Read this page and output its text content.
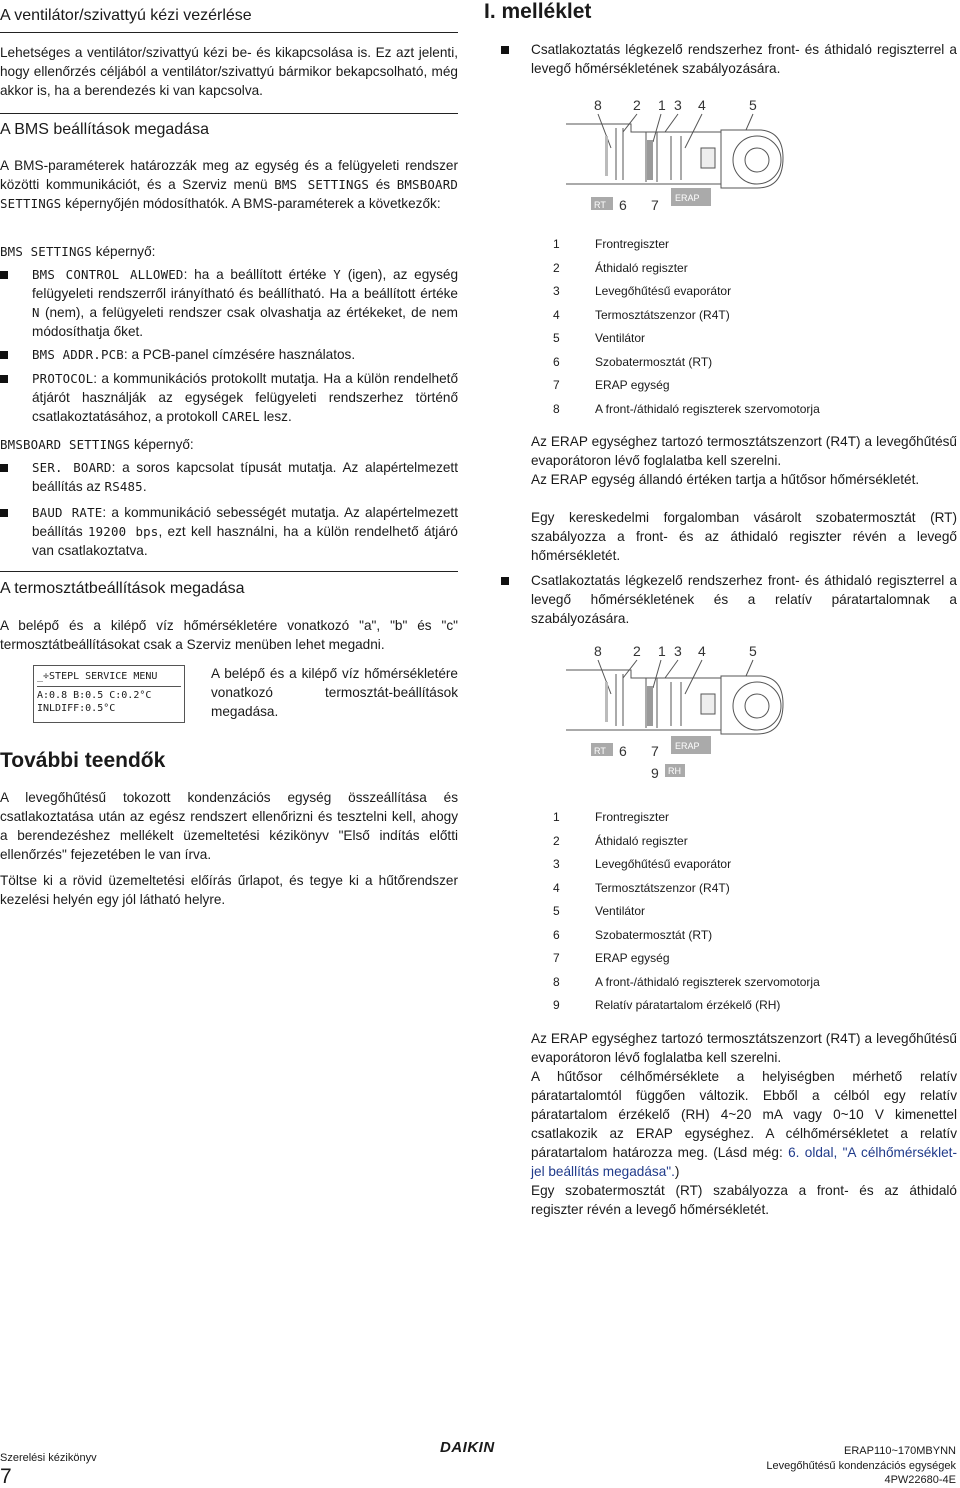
A ventilátor/szivattyú kézi vezérlése

Lehetséges a ventilátor/szivattyú kézi be- és kikapcsolása is. Ez azt jelenti, hogy ellenőrzés céljából a ventilátor/szivattyú bármikor bekapcsolható, még akkor is, ha a berendezés ki van kapcsolva.

A BMS beállítások megadása

A BMS-paraméterek határozzák meg az egység és a felügyeleti rendszer közötti kommunikációt, és a Szerviz menü BMS SETTINGS és BMSBOARD SETTINGS képernyőjén módosíthatók. A BMS-paraméterek a következők:

BMS SETTINGS képernyő:

BMS CONTROL ALLOWED: ha a beállított értéke Y (igen), az egység felügyeleti rendszerről irányítható és beállítható. Ha a beállított értéke N (nem), a felügyeleti rendszer csak olvashatja az értékeket, de nem módosíthatja őket.

BMS ADDR.PCB: a PCB-panel címzésére használatos.

PROTOCOL: a kommunikációs protokollt mutatja. Ha a külön rendelhető átjárót használják az egységek felügyeleti rendszerhez történő csatlakoztatásához, a protokoll CAREL lesz.

BMSBOARD SETTINGS képernyő:

SER. BOARD: a soros kapcsolat típusát mutatja. Az alapértelmezett beállítás az RS485.

BAUD RATE: a kommunikáció sebességét mutatja. Az alapértelmezett beállítás 19200 bps, ezt kell használni, ha a külön rendelhető átjáró van csatlakoztatva.

A termosztátbeállítások megadása

A belépő és a kilépő víz hőmérsékletére vonatkozó "a", "b" és "c" termosztátbeállításokat csak a Szerviz menüben lehet megadni.

_÷STEPL SERVICE MENU
A:0.8 B:0.5 C:0.2°C
INLDIFF:0.5°C

A belépő és a kilépő víz hőmérsékletére vonatkozó termosztát-beállítások megadása.

További teendők

A levegőhűtésű tokozott kondenzációs egység összeállítása és csatlakoztatása után az egész rendszert ellenőrizni és tesztelni kell, ahogy a berendezéshez mellékelt üzemeltetési kézikönyv "Első indítás előtti ellenőrzés" fejezetében le van írva.

Töltse ki a rövid üzemeltetési előírás űrlapot, és tegye ki a hűtőrendszer kezelési helyén egy jól látható helyre.

I. melléklet

Csatlakoztatás légkezelő rendszerhez front- és áthidaló regiszterrel a levegő hőmérsékletének szabályozására.

8 2 1 3 4	5
RT 6	ERAP
7
1	Frontregiszter
2	Áthidaló regiszter
3	Levegőhűtésű evaporátor
4	Termosztátszenzor (R4T)
5	Ventilátor
6	Szobatermosztát (RT)
7	ERAP egység
8	A front-/áthidaló regiszterek szervomotorja

Az ERAP egységhez tartozó termosztátszenzort (R4T) a levegőhűtésű evaporátoron lévő foglalatba kell szerelni.

Az ERAP egység állandó értéken tartja a hűtősor hőmérsékletét.

Egy kereskedelmi forgalomban vásárolt szobatermosztát (RT) szabályozza a front- és az áthidaló regiszter révén a levegő hőmérsékletét.

Csatlakoztatás légkezelő rendszerhez front- és áthidaló regiszterrel a levegő hőmérsékletének és a relatív páratartalomnak a szabályozására.

8 2 1 3 4	5
RT 6	ERAP
7
RH
9
1	Frontregiszter
2	Áthidaló regiszter
3	Levegőhűtésű evaporátor
4	Termosztátszenzor (R4T)
5	Ventilátor
6	Szobatermosztát (RT)
7	ERAP egység
8	A front-/áthidaló regiszterek szervomotorja
9	Relatív páratartalom érzékelő (RH)

Az ERAP egységhez tartozó termosztátszenzort (R4T) a levegőhűtésű evaporátoron lévő foglalatba kell szerelni.

A hűtősor célhőmérséklete a helyiségben mérhető relatív páratartalomtól függően változik. Ebből a célból egy relatív páratartalom érzékelő (RH) 4~20 mA vagy 0~10 V kimenettel csatlakozik az ERAP egységhez. A célhőmérsékletet a relatív páratartalom határozza meg. (Lásd még: 6. oldal, "A célhőmérséklet-jel beállítás megadása".)

Egy szobatermosztát (RT) szabályozza a front- és az áthidaló regiszter révén a levegő hőmérsékletét.

Szerelési kézikönyv
7
DAIKIN	ERAP110~170MBYNN
Levegőhűtésű kondenzációs egységek
4PW22680-4E
